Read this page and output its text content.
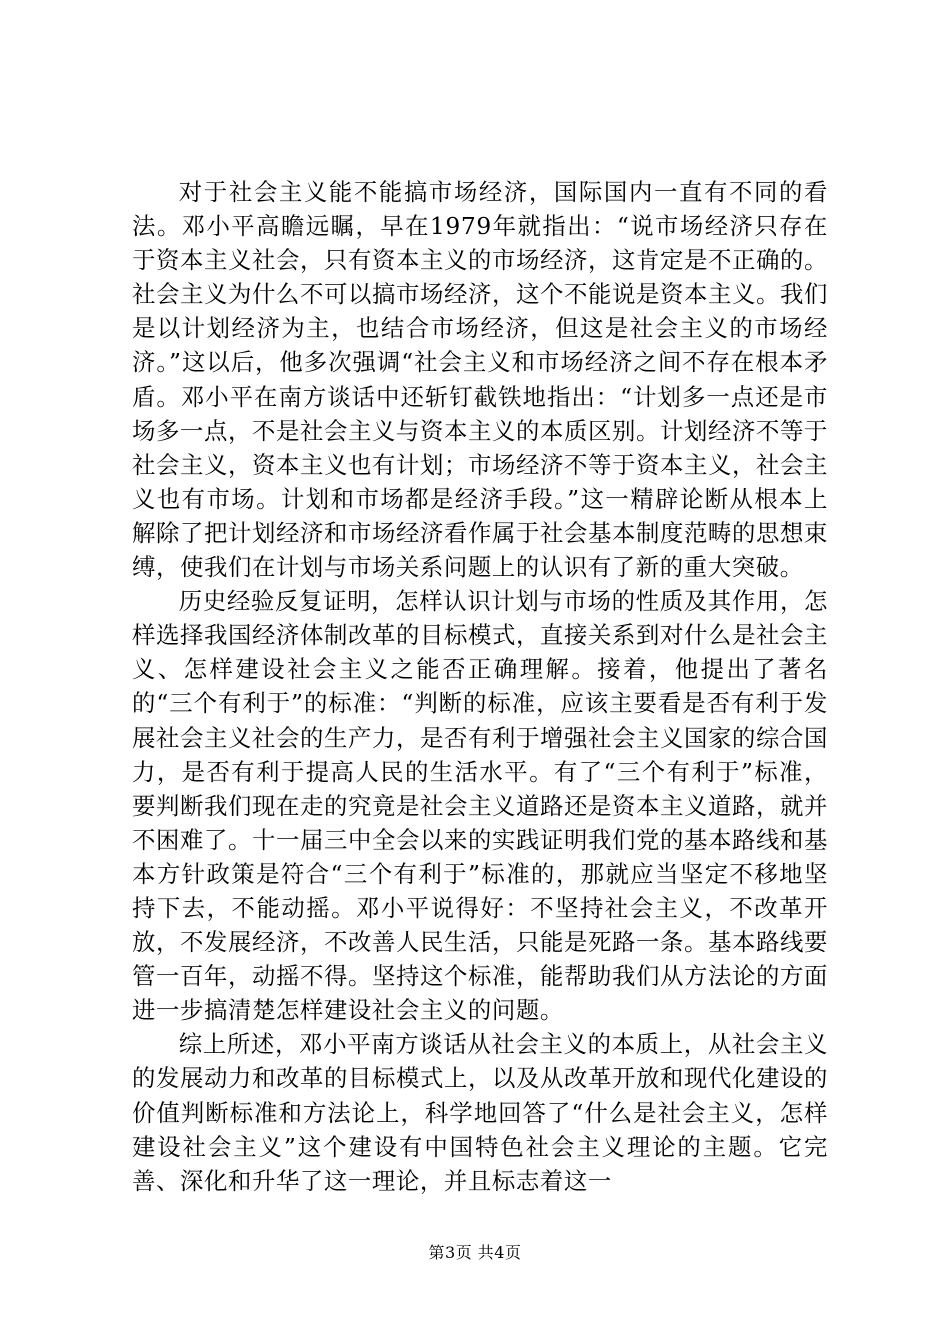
对于社会主义能不能搞市场经济，国际国内一直有不同的看法。邓小平高瞻远瞩，早在1979年就指出：“说市场经济只存在于资本主义社会，只有资本主义的市场经济，这肯定是不正确的。社会主义为什么不可以搞市场经济，这个不能说是资本主义。我们是以计划经济为主，也结合市场经济，但这是社会主义的市场经济。”这以后，他多次强调“社会主义和市场经济之间不存在根本矛盾。邓小平在南方谈话中还斩钉截铁地指出：“计划多一点还是市场多一点，不是社会主义与资本主义的本质区别。计划经济不等于社会主义，资本主义也有计划；市场经济不等于资本主义，社会主义也有市场。计划和市场都是经济手段。”这一精辟论断从根本上解除了把计划经济和市场经济看作属于社会基本制度范畴的思想束缚，使我们在计划与市场关系问题上的认识有了新的重大突破。

历史经验反复证明，怎样认识计划与市场的性质及其作用，怎样选择我国经济体制改革的目标模式，直接关系到对什么是社会主义、怎样建设社会主义之能否正确理解。接着，他提出了著名的“三个有利于”的标准：“判断的标准，应该主要看是否有利于发展社会主义社会的生产力，是否有利于增强社会主义国家的综合国力，是否有利于提高人民的生活水平。有了“三个有利于”标准，要判断我们现在走的究竟是社会主义道路还是资本主义道路，就并不困难了。十一届三中全会以来的实践证明我们党的基本路线和基本方针政策是符合“三个有利于”标准的，那就应当坚定不移地坚持下去，不能动摇。邓小平说得好：不坚持社会主义，不改革开放，不发展经济，不改善人民生活，只能是死路一条。基本路线要管一百年，动摇不得。坚持这个标准，能帮助我们从方法论的方面进一步搞清楚怎样建设社会主义的问题。

综上所述，邓小平南方谈话从社会主义的本质上，从社会主义的发展动力和改革的目标模式上，以及从改革开放和现代化建设的价值判断标准和方法论上，科学地回答了“什么是社会主义，怎样建设社会主义”这个建设有中国特色社会主义理论的主题。它完善、深化和升华了这一理论，并且标志着这一

第3页 共4页
